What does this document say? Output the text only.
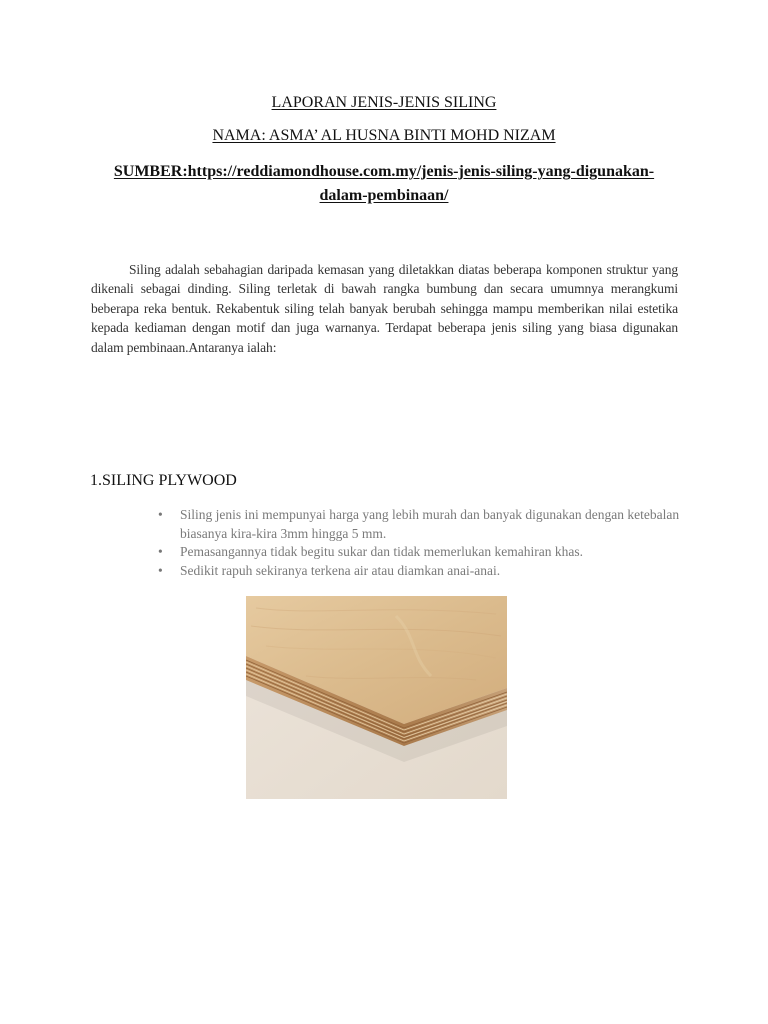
LAPORAN JENIS-JENIS SILING
NAMA: ASMA’ AL HUSNA BINTI MOHD NIZAM
SUMBER:https://reddiamondhouse.com.my/jenis-jenis-siling-yang-digunakan-dalam-pembinaan/

Siling adalah sebahagian daripada kemasan yang diletakkan diatas beberapa komponen struktur yang dikenali sebagai dinding. Siling terletak di bawah rangka bumbung dan secara umumnya merangkumi beberapa reka bentuk. Rekabentuk siling telah banyak berubah sehingga mampu memberikan nilai estetika kepada kediaman dengan motif dan juga warnanya. Terdapat beberapa jenis siling yang biasa digunakan dalam pembinaan.Antaranya ialah:

1.SILING PLYWOOD
• Siling jenis ini mempunyai harga yang lebih murah dan banyak digunakan dengan ketebalan biasanya kira-kira 3mm hingga 5 mm.
• Pemasangannya tidak begitu sukar dan tidak memerlukan kemahiran khas.
• Sedikit rapuh sekiranya terkena air atau diamkan anai-anai.
